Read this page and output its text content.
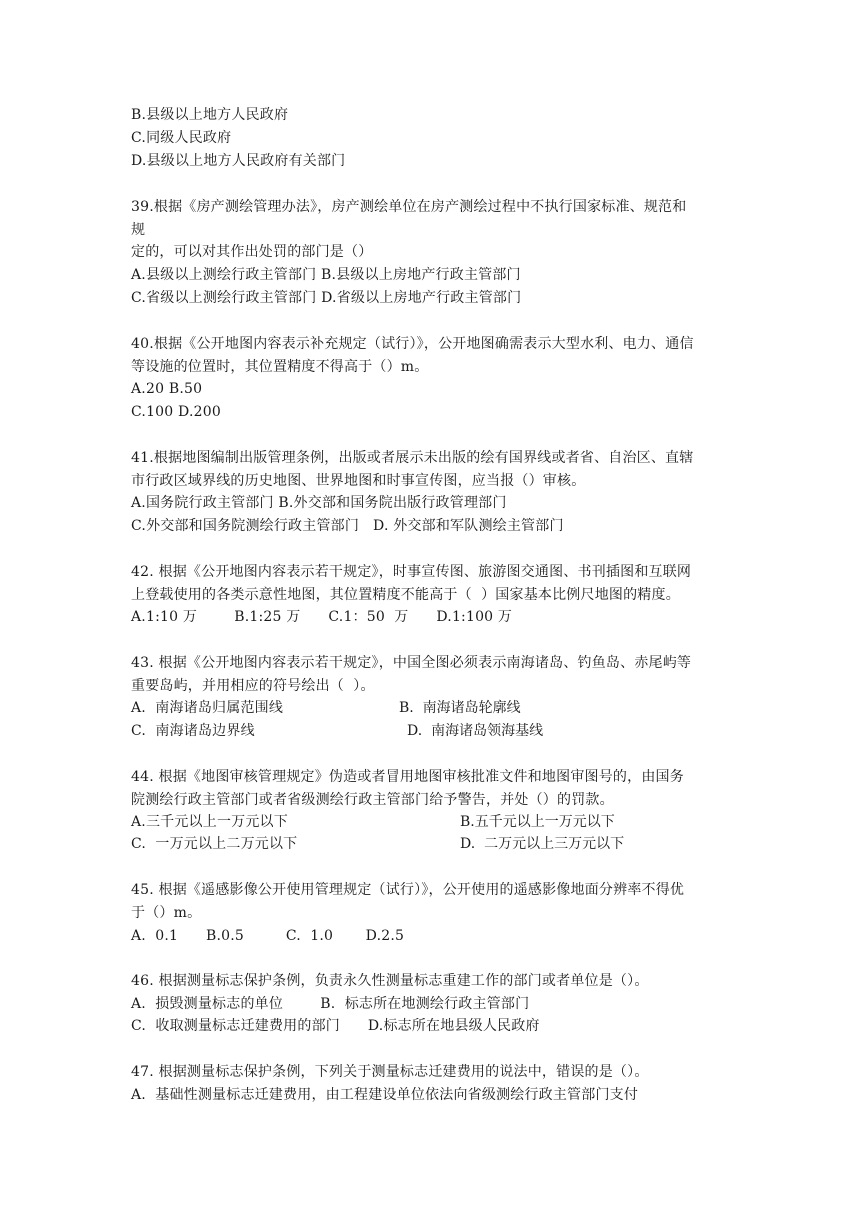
B.县级以上地方人民政府
C.同级人民政府
D.县级以上地方人民政府有关部门
39.根据《房产测绘管理办法》，房产测绘单位在房产测绘过程中不执行国家标准、规范和
规
定的，可以对其作出处罚的部门是（）
A.县级以上测绘行政主管部门 B.县级以上房地产行政主管部门
C.省级以上测绘行政主管部门 D.省级以上房地产行政主管部门
40.根据《公开地图内容表示补充规定（试行）》，公开地图确需表示大型水利、电力、通信
等设施的位置时，其位置精度不得高于（）m。
A.20 B.50
C.100 D.200
41.根据地图编制出版管理条例，出版或者展示未出版的绘有国界线或者省、自治区、直辖
市行政区域界线的历史地图、世界地图和时事宣传图，应当报（）审核。
A.国务院行政主管部门 B.外交部和国务院出版行政管理部门
C.外交部和国务院测绘行政主管部门   D. 外交部和军队测绘主管部门
42. 根据《公开地图内容表示若干规定》，时事宣传图、旅游图交通图、书刊插图和互联网
上登载使用的各类示意性地图，其位置精度不能高于（  ）国家基本比例尺地图的精度。
A.1:10 万        B.1:25 万      C.1：50  万      D.1:100 万
43. 根据《公开地图内容表示若干规定》，中国全图必须表示南海诸岛、钓鱼岛、赤尾屿等
重要岛屿，并用相应的符号绘出（  ）。
A.  南海诸岛归属范围线	B.  南海诸岛轮廓线
C.  南海诸岛边界线	D.  南海诸岛领海基线
44. 根据《地图审核管理规定》伪造或者冒用地图审核批准文件和地图审图号的，由国务
院测绘行政主管部门或者省级测绘行政主管部门给予警告，并处（）的罚款。
A.三千元以上一万元以下	B.五千元以上一万元以下
C.  一万元以上二万元以下	D.  二万元以上三万元以下
45. 根据《遥感影像公开使用管理规定（试行）》，公开使用的遥感影像地面分辨率不得优
于（）m。
A.  0.1      B.0.5         C.  1.0       D.2.5
46. 根据测量标志保护条例，负责永久性测量标志重建工作的部门或者单位是（）。
A.  损毁测量标志的单位        B.  标志所在地测绘行政主管部门
C.  收取测量标志迁建费用的部门      D.标志所在地县级人民政府
47. 根据测量标志保护条例，下列关于测量标志迁建费用的说法中，错误的是（）。
A.  基础性测量标志迁建费用，由工程建设单位依法向省级测绘行政主管部门支付
